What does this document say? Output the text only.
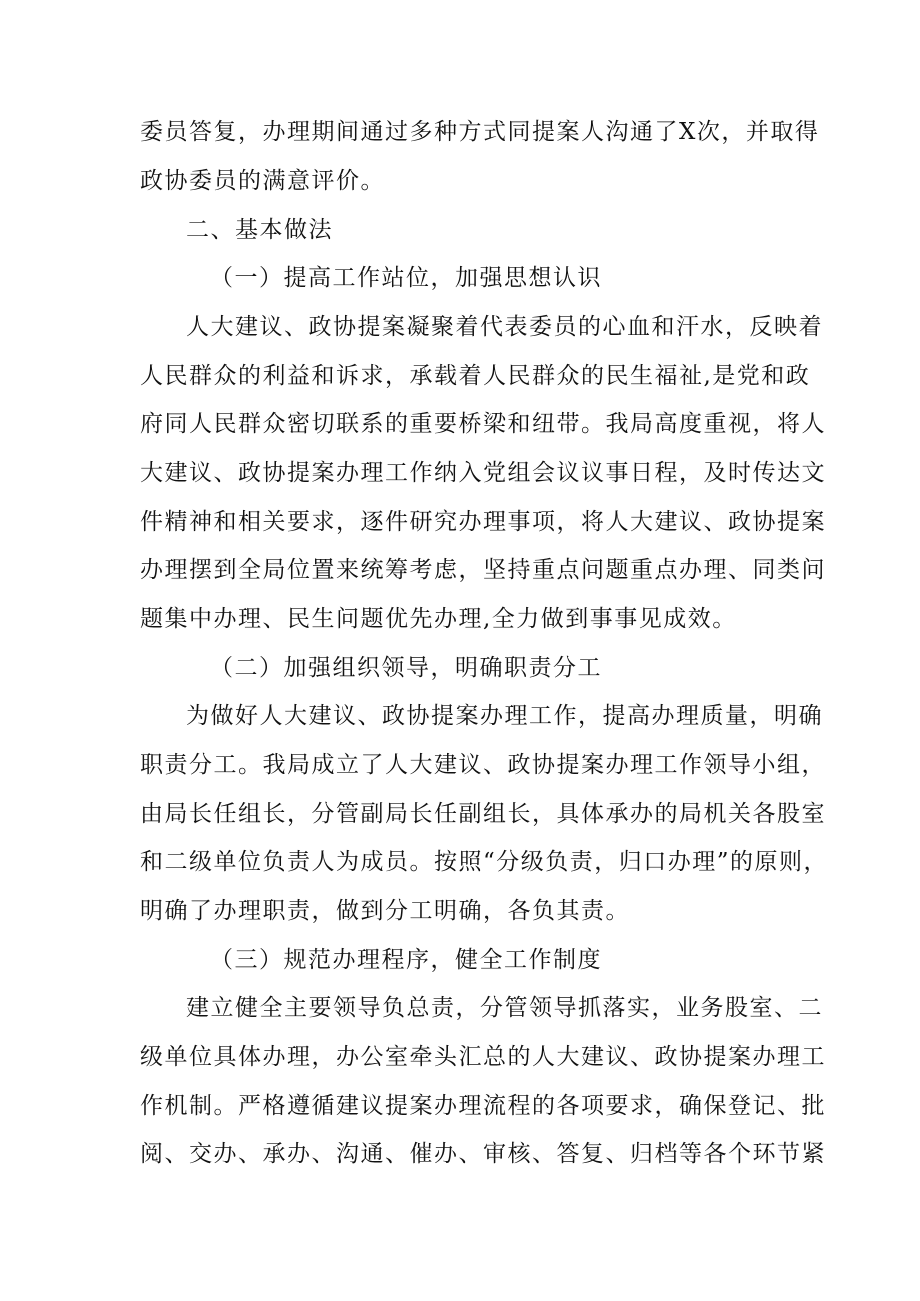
委员答复，办理期间通过多种方式同提案人沟通了X次，并取得
政协委员的满意评价。
二、基本做法
（一）提高工作站位，加强思想认识
人大建议、政协提案凝聚着代表委员的心血和汗水，反映着
人民群众的利益和诉求，承载着人民群众的民生福祉,是党和政
府同人民群众密切联系的重要桥梁和纽带。我局高度重视，将人
大建议、政协提案办理工作纳入党组会议议事日程，及时传达文
件精神和相关要求，逐件研究办理事项，将人大建议、政协提案
办理摆到全局位置来统筹考虑，坚持重点问题重点办理、同类问
题集中办理、民生问题优先办理,全力做到事事见成效。
（二）加强组织领导，明确职责分工
为做好人大建议、政协提案办理工作，提高办理质量，明确
职责分工。我局成立了人大建议、政协提案办理工作领导小组，
由局长任组长，分管副局长任副组长，具体承办的局机关各股室
和二级单位负责人为成员。按照“分级负责，归口办理”的原则，
明确了办理职责，做到分工明确，各负其责。
（三）规范办理程序，健全工作制度
建立健全主要领导负总责，分管领导抓落实，业务股室、二
级单位具体办理，办公室牵头汇总的人大建议、政协提案办理工
作机制。严格遵循建议提案办理流程的各项要求，确保登记、批
阅、交办、承办、沟通、催办、审核、答复、归档等各个环节紧
